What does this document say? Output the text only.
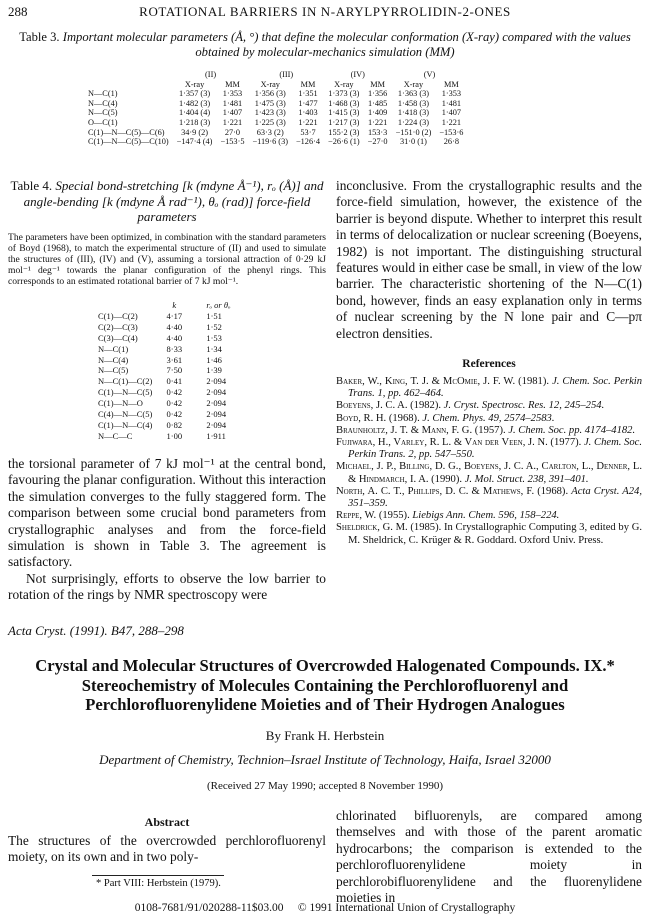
288	ROTATIONAL BARRIERS IN N-ARYLPYRROLIDIN-2-ONES
Table 3. Important molecular parameters (Å, °) that define the molecular conformation (X-ray) compared with the values obtained by molecular-mechanics simulation (MM)
	(II)		(III)		(IV)		(V)	
	X-ray	MM	X-ray	MM	X-ray	MM	X-ray	MM
N—C(1)	1·357 (3)	1·353	1·356 (3)	1·351	1·373 (3)	1·356	1·363 (3)	1·353
N—C(4)	1·482 (3)	1·481	1·475 (3)	1·477	1·468 (3)	1·485	1·458 (3)	1·481
N—C(5)	1·404 (4)	1·407	1·423 (3)	1·403	1·415 (3)	1·409	1·418 (3)	1·407
O—C(1)	1·218 (3)	1·221	1·225 (3)	1·221	1·217 (3)	1·221	1·224 (3)	1·221
C(1)—N—C(5)—C(6)	34·9 (2)	27·0	63·3 (2)	53·7	155·2 (3)	153·3	−151·0 (2)	−153·6
C(1)—N—C(5)—C(10)	−147·4 (4)	−153·5	−119·6 (3)	−126·4	−26·6 (1)	−27·0	31·0 (1)	26·8
Table 4. Special bond-stretching [k (mdyne Å⁻¹), rₒ (Å)] and angle-bending [k (mdyne Å rad⁻¹), θₒ (rad)] force-field parameters
The parameters have been optimized, in combination with the standard parameters of Boyd (1968), to match the experimental structure of (II) and used to simulate the structures of (III), (IV) and (V), assuming a torsional attraction of 0·29 kJ mol⁻¹ deg⁻¹ towards the planar configuration of the phenyl rings. This corresponds to an estimated rotational barrier of 7 kJ mol⁻¹.
	k	rₒ or θₒ
C(1)—C(2)	4·17	1·51
C(2)—C(3)	4·40	1·52
C(3)—C(4)	4·40	1·53
N—C(1)	8·33	1·34
N—C(4)	3·61	1·46
N—C(5)	7·50	1·39
N—C(1)—C(2)	0·41	2·094
C(1)—N—C(5)	0·42	2·094
C(1)—N—O	0·42	2·094
C(4)—N—C(5)	0·42	2·094
C(1)—N—C(4)	0·82	2·094
N—C—C	1·00	1·911

the torsional parameter of 7 kJ mol⁻¹ at the central bond, favouring the planar configuration. Without this interaction the simulation converges to the fully staggered form. The comparison between some crucial bond parameters from crystallographic analyses and from the force-field simulation is shown in Table 3. The agreement is satisfactory.

Not surprisingly, efforts to observe the low barrier to rotation of the rings by NMR spectroscopy were

inconclusive. From the crystallographic results and the force-field simulation, however, the existence of the barrier is beyond dispute. Whether to interpret this result in terms of delocalization or nuclear screening (Boeyens, 1982) is not important. The distinguishing structural features would in either case be small, in view of the low barrier. The characteristic shortening of the N—C(1) bond, however, finds an easy explanation only in terms of nuclear screening by the N lone pair and C—pπ electron densities.
References
Baker, W., King, T. J. & McOmie, J. F. W. (1981). J. Chem. Soc. Perkin Trans. 1, pp. 462–464.
Boeyens, J. C. A. (1982). J. Cryst. Spectrosc. Res. 12, 245–254.
Boyd, R. H. (1968). J. Chem. Phys. 49, 2574–2583.
Braunholtz, J. T. & Mann, F. G. (1957). J. Chem. Soc. pp. 4174–4182.
Fujiwara, H., Varley, R. L. & Van der Veen, J. N. (1977). J. Chem. Soc. Perkin Trans. 2, pp. 547–550.
Michael, J. P., Billing, D. G., Boeyens, J. C. A., Carlton, L., Denner, L. & Hindmarch, I. A. (1990). J. Mol. Struct. 238, 391–401.
North, A. C. T., Phillips, D. C. & Mathews, F. (1968). Acta Cryst. A24, 351–359.
Reppe, W. (1955). Liebigs Ann. Chem. 596, 158–224.
Sheldrick, G. M. (1985). In Crystallographic Computing 3, edited by G. M. Sheldrick, C. Krüger & R. Goddard. Oxford Univ. Press.
Acta Cryst. (1991). B47, 288–298
Crystal and Molecular Structures of Overcrowded Halogenated Compounds. IX.* Stereochemistry of Molecules Containing the Perchlorofluorenyl and Perchlorofluorenylidene Moieties and of Their Hydrogen Analogues
By Frank H. Herbstein
Department of Chemistry, Technion–Israel Institute of Technology, Haifa, Israel 32000
(Received 27 May 1990; accepted 8 November 1990)
Abstract
The structures of the overcrowded perchlorofluorenyl moiety, on its own and in two poly-
chlorinated bifluorenyls, are compared among themselves and with those of the parent aromatic hydrocarbons; the comparison is extended to the perchlorofluorenylidene moiety in perchlorobifluorenylidene and the fluorenylidene moieties in
* Part VIII: Herbstein (1979).
0108-7681/91/020288-11$03.00 © 1991 International Union of Crystallography
